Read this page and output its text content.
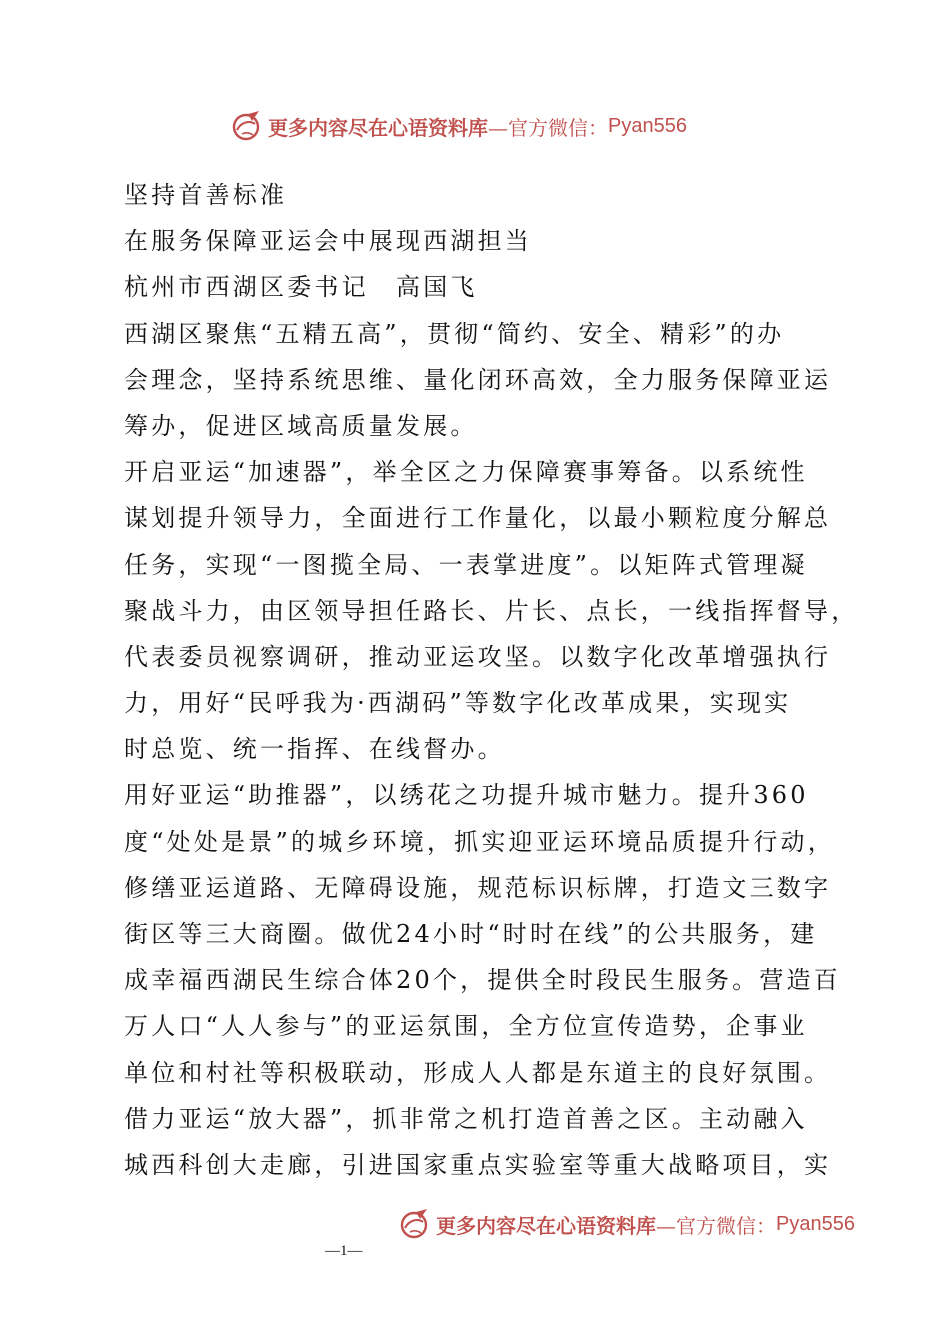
更多内容尽在心语资料库 —官方微信： Pyan556
坚持首善标准
在服务保障亚运会中展现西湖担当
杭州市西湖区委书记　高国飞
西湖区聚焦“五精五高”，贯彻“简约、安全、精彩”的办
会理念，坚持系统思维、量化闭环高效，全力服务保障亚运
筹办，促进区域高质量发展。
开启亚运“加速器”，举全区之力保障赛事筹备。以系统性
谋划提升领导力，全面进行工作量化，以最小颗粒度分解总
任务，实现“一图揽全局、一表掌进度”。以矩阵式管理凝
聚战斗力，由区领导担任路长、片长、点长，一线指挥督导，
代表委员视察调研，推动亚运攻坚。以数字化改革增强执行
力，用好“民呼我为·西湖码”等数字化改革成果，实现实
时总览、统一指挥、在线督办。
用好亚运“助推器”，以绣花之功提升城市魅力。提升360
度“处处是景”的城乡环境，抓实迎亚运环境品质提升行动，
修缮亚运道路、无障碍设施，规范标识标牌，打造文三数字
街区等三大商圈。做优24小时“时时在线”的公共服务，建
成幸福西湖民生综合体20个，提供全时段民生服务。营造百
万人口“人人参与”的亚运氛围，全方位宣传造势，企事业
单位和村社等积极联动，形成人人都是东道主的良好氛围。
借力亚运“放大器”，抓非常之机打造首善之区。主动融入
城西科创大走廊，引进国家重点实验室等重大战略项目，实
更多内容尽在心语资料库 —官方微信： Pyan556
—1—
